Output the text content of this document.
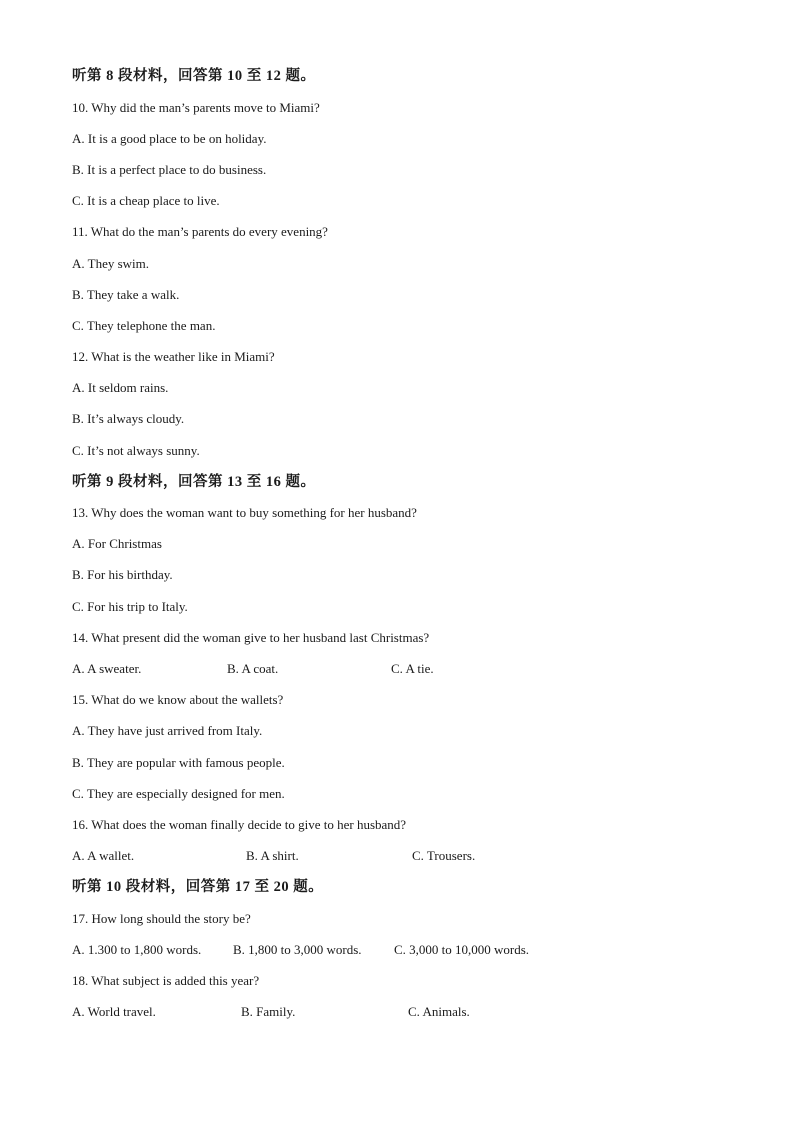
听第 8 段材料，回答第 10 至 12 题。
10. Why did the man’s parents move to Miami?
A. It is a good place to be on holiday.
B. It is a perfect place to do business.
C. It is a cheap place to live.
11. What do the man’s parents do every evening?
A. They swim.
B. They take a walk.
C. They telephone the man.
12. What is the weather like in Miami?
A. It seldom rains.
B. It’s always cloudy.
C. It’s not always sunny.
听第 9 段材料，回答第 13 至 16 题。
13. Why does the woman want to buy something for her husband?
A. For Christmas
B. For his birthday.
C. For his trip to Italy.
14. What present did the woman give to her husband last Christmas?
A. A sweater.	B. A coat.	C. A tie.
15. What do we know about the wallets?
A. They have just arrived from Italy.
B. They are popular with famous people.
C. They are especially designed for men.
16. What does the woman finally decide to give to her husband?
A. A wallet.	B. A shirt.	C. Trousers.
听第 10 段材料，回答第 17 至 20 题。
17. How long should the story be?
A. 1.300 to 1,800 words. B. 1,800 to 3,000 words. C. 3,000 to 10,000 words.
18. What subject is added this year?
A. World travel.	B. Family.	C. Animals.
